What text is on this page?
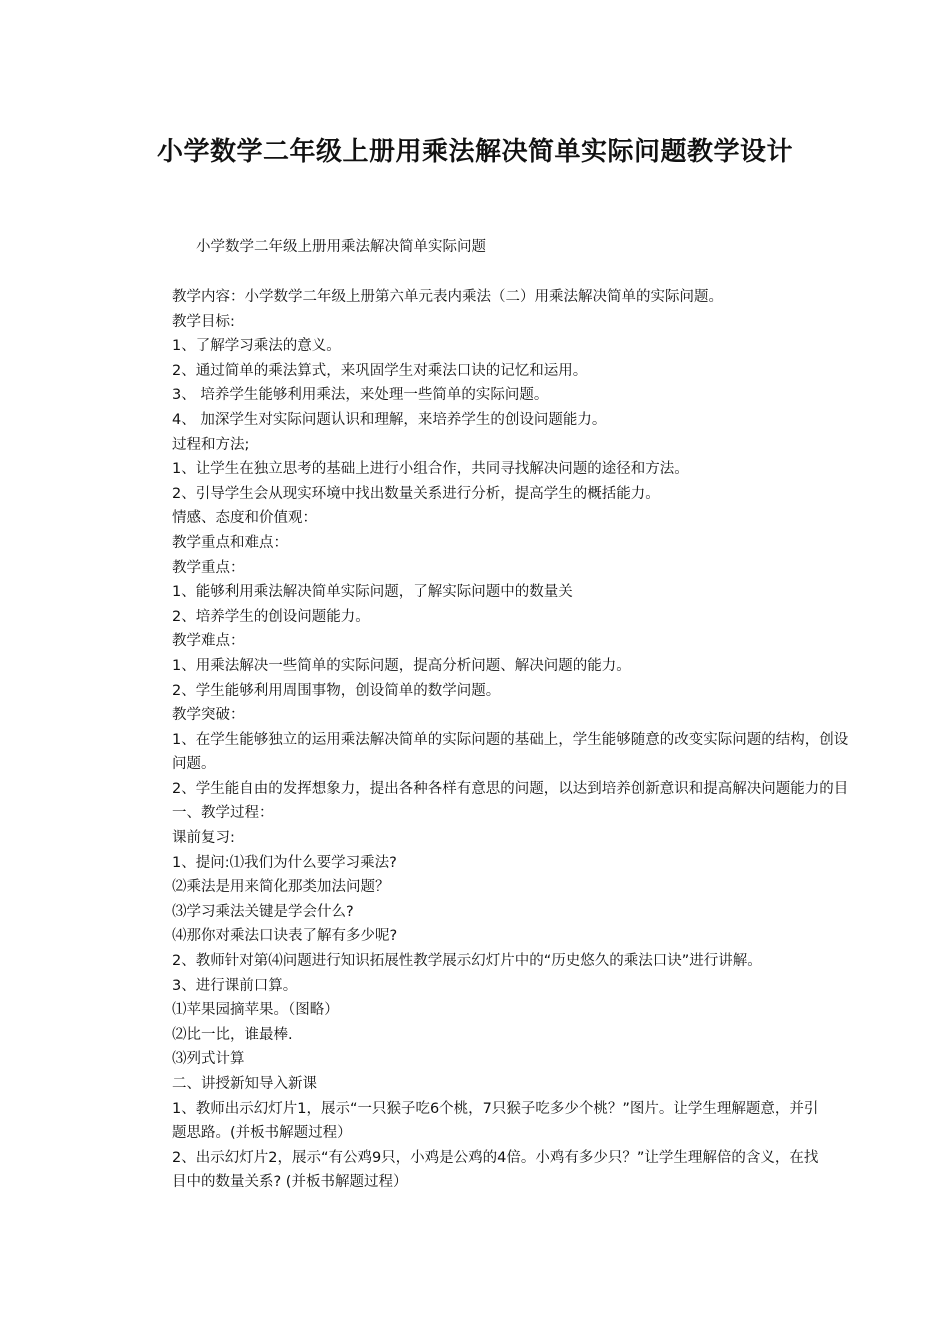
小学数学二年级上册用乘法解决简单实际问题教学设计

小学数学二年级上册用乘法解决简单实际问题

教学内容：小学数学二年级上册第六单元表内乘法（二）用乘法解决简单的实际问题。
教学目标:
1、了解学习乘法的意义。
2、通过简单的乘法算式，来巩固学生对乘法口诀的记忆和运用。
3、 培养学生能够利用乘法，来处理一些简单的实际问题。
4、 加深学生对实际问题认识和理解，来培养学生的创设问题能力。
过程和方法;
1、让学生在独立思考的基础上进行小组合作，共同寻找解决问题的途径和方法。
2、引导学生会从现实环境中找出数量关系进行分析，提高学生的概括能力。
情感、态度和价值观：
教学重点和难点：
教学重点：
1、能够利用乘法解决简单实际问题，了解实际问题中的数量关
2、培养学生的创设问题能力。
教学难点：
1、用乘法解决一些简单的实际问题，提高分析问题、解决问题的能力。
2、学生能够利用周围事物，创设简单的数学问题。
教学突破：
1、在学生能够独立的运用乘法解决简单的实际问题的基础上，学生能够随意的改变实际问题的结构，创设
问题。
2、学生能自由的发挥想象力，提出各种各样有意思的问题，以达到培养创新意识和提高解决问题能力的目
一、教学过程：
课前复习:
1、提问:⑴我们为什么要学习乘法?
⑵乘法是用来简化那类加法问题？
⑶学习乘法关键是学会什么?
⑷那你对乘法口诀表了解有多少呢?
2、教师针对第⑷问题进行知识拓展性教学展示幻灯片中的“历史悠久的乘法口诀”进行讲解。
3、进行课前口算。
⑴苹果园摘苹果。（图略）
⑵比一比，谁最棒.
⑶列式计算
二、讲授新知导入新课
1、教师出示幻灯片1，展示“一只猴子吃6个桃，7只猴子吃多少个桃？”图片。让学生理解题意，并引
题思路。(并板书解题过程）
2、出示幻灯片2，展示“有公鸡9只，小鸡是公鸡的4倍。小鸡有多少只？”让学生理解倍的含义，在找
目中的数量关系? (并板书解题过程）
